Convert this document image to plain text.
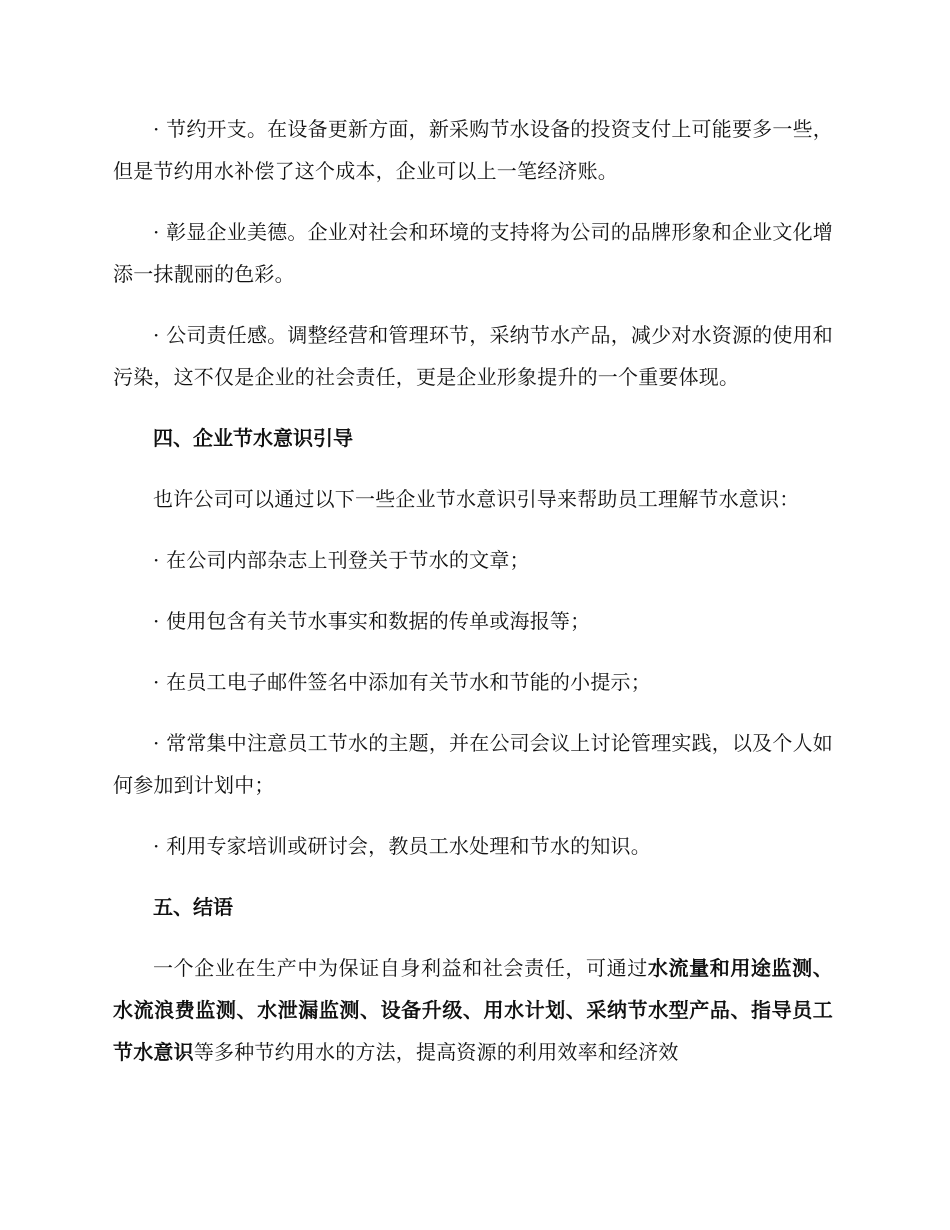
· 节约开支。在设备更新方面，新采购节水设备的投资支付上可能要多一些，但是节约用水补偿了这个成本，企业可以上一笔经济账。

· 彰显企业美德。企业对社会和环境的支持将为公司的品牌形象和企业文化增添一抹靓丽的色彩。

· 公司责任感。调整经营和管理环节，采纳节水产品，减少对水资源的使用和污染，这不仅是企业的社会责任，更是企业形象提升的一个重要体现。

四、企业节水意识引导

也许公司可以通过以下一些企业节水意识引导来帮助员工理解节水意识：

· 在公司内部杂志上刊登关于节水的文章；

· 使用包含有关节水事实和数据的传单或海报等；

· 在员工电子邮件签名中添加有关节水和节能的小提示；

· 常常集中注意员工节水的主题，并在公司会议上讨论管理实践，以及个人如何参加到计划中；

· 利用专家培训或研讨会，教员工水处理和节水的知识。

五、结语

一个企业在生产中为保证自身利益和社会责任，可通过水流量和用途监测、水流浪费监测、水泄漏监测、设备升级、用水计划、采纳节水型产品、指导员工节水意识等多种节约用水的方法，提高资源的利用效率和经济效
